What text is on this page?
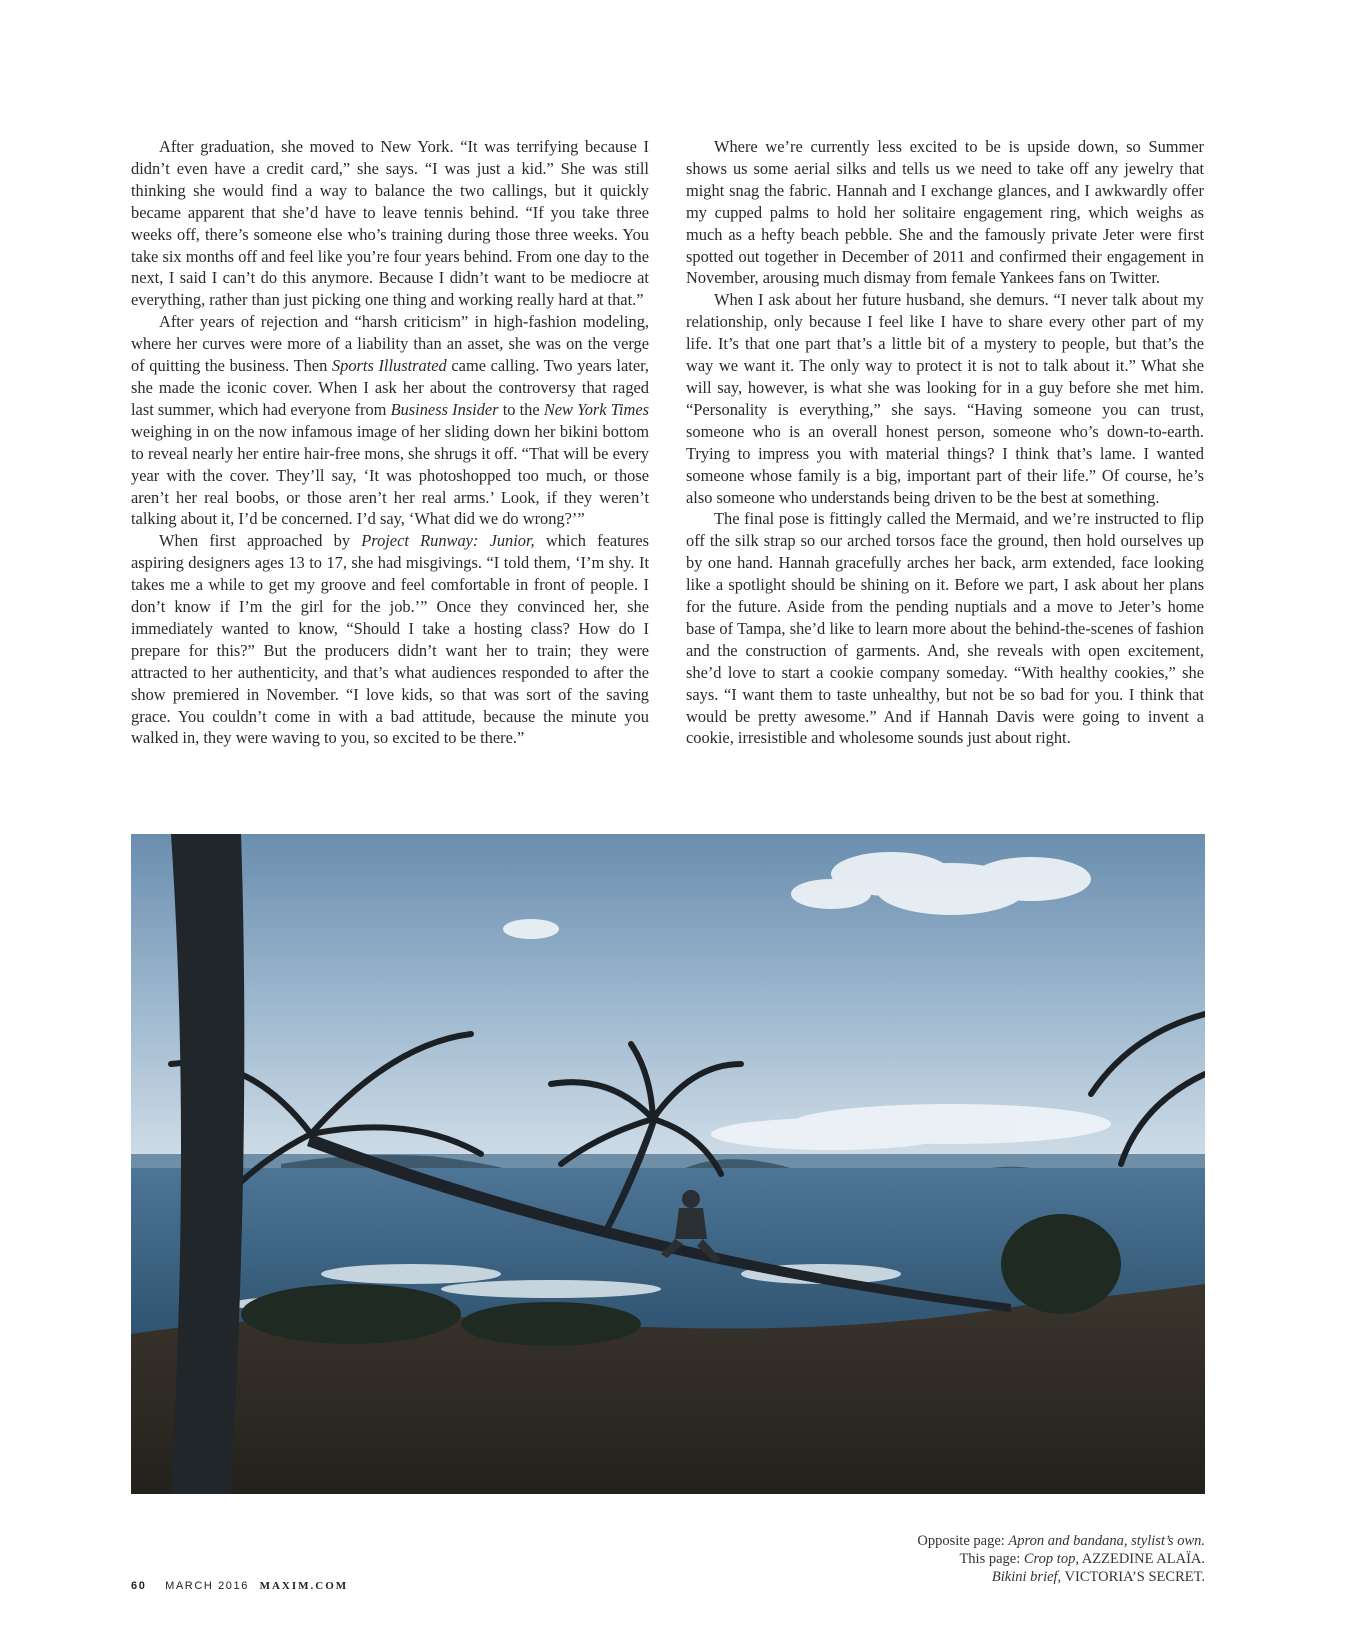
After graduation, she moved to New York. “It was terrifying because I didn’t even have a credit card,” she says. “I was just a kid.” She was still thinking she would find a way to balance the two callings, but it quickly became apparent that she’d have to leave tennis behind. “If you take three weeks off, there’s someone else who’s training during those three weeks. You take six months off and feel like you’re four years behind. From one day to the next, I said I can’t do this anymore. Because I didn’t want to be mediocre at everything, rather than just picking one thing and working really hard at that.”

After years of rejection and “harsh criticism” in high-fashion modeling, where her curves were more of a liability than an asset, she was on the verge of quitting the business. Then Sports Illustrated came calling. Two years later, she made the iconic cover. When I ask her about the controversy that raged last summer, which had everyone from Business Insider to the New York Times weighing in on the now infamous image of her sliding down her bikini bottom to reveal nearly her entire hair-free mons, she shrugs it off. “That will be every year with the cover. They’ll say, ‘It was photoshopped too much, or those aren’t her real boobs, or those aren’t her real arms.’ Look, if they weren’t talking about it, I’d be concerned. I’d say, ‘What did we do wrong?’”

When first approached by Project Runway: Junior, which features aspiring designers ages 13 to 17, she had misgivings. “I told them, ‘I’m shy. It takes me a while to get my groove and feel comfortable in front of people. I don’t know if I’m the girl for the job.’” Once they convinced her, she immediately wanted to know, “Should I take a hosting class? How do I prepare for this?” But the producers didn’t want her to train; they were attracted to her authenticity, and that’s what audiences responded to after the show premiered in November. “I love kids, so that was sort of the saving grace. You couldn’t come in with a bad attitude, because the minute you walked in, they were waving to you, so excited to be there.”

Where we’re currently less excited to be is upside down, so Summer shows us some aerial silks and tells us we need to take off any jewelry that might snag the fabric. Hannah and I exchange glances, and I awkwardly offer my cupped palms to hold her solitaire engagement ring, which weighs as much as a hefty beach pebble. She and the famously private Jeter were first spotted out together in December of 2011 and confirmed their engagement in November, arousing much dismay from female Yankees fans on Twitter.

When I ask about her future husband, she demurs. “I never talk about my relationship, only because I feel like I have to share every other part of my life. It’s that one part that’s a little bit of a mystery to people, but that’s the way we want it. The only way to protect it is not to talk about it.” What she will say, however, is what she was looking for in a guy before she met him. “Personality is everything,” she says. “Having someone you can trust, someone who is an overall honest person, someone who’s down-to-earth. Trying to impress you with material things? I think that’s lame. I wanted someone whose family is a big, important part of their life.” Of course, he’s also someone who understands being driven to be the best at something.

The final pose is fittingly called the Mermaid, and we’re instructed to flip off the silk strap so our arched torsos face the ground, then hold ourselves up by one hand. Hannah gracefully arches her back, arm extended, face looking like a spotlight should be shining on it. Before we part, I ask about her plans for the future. Aside from the pending nuptials and a move to Jeter’s home base of Tampa, she’d like to learn more about the behind-the-scenes of fashion and the construction of garments. And, she reveals with open excitement, she’d love to start a cookie company someday. “With healthy cookies,” she says. “I want them to taste unhealthy, but not be so bad for you. I think that would be pretty awesome.” And if Hannah Davis were going to invent a cookie, irresistible and wholesome sounds just about right.

Opposite page: Apron and bandana, stylist’s own.
This page: Crop top, AZZEDINE ALAÏA.
Bikini brief, VICTORIA’S SECRET.
60 MARCH 2016 MAXIM.COM
